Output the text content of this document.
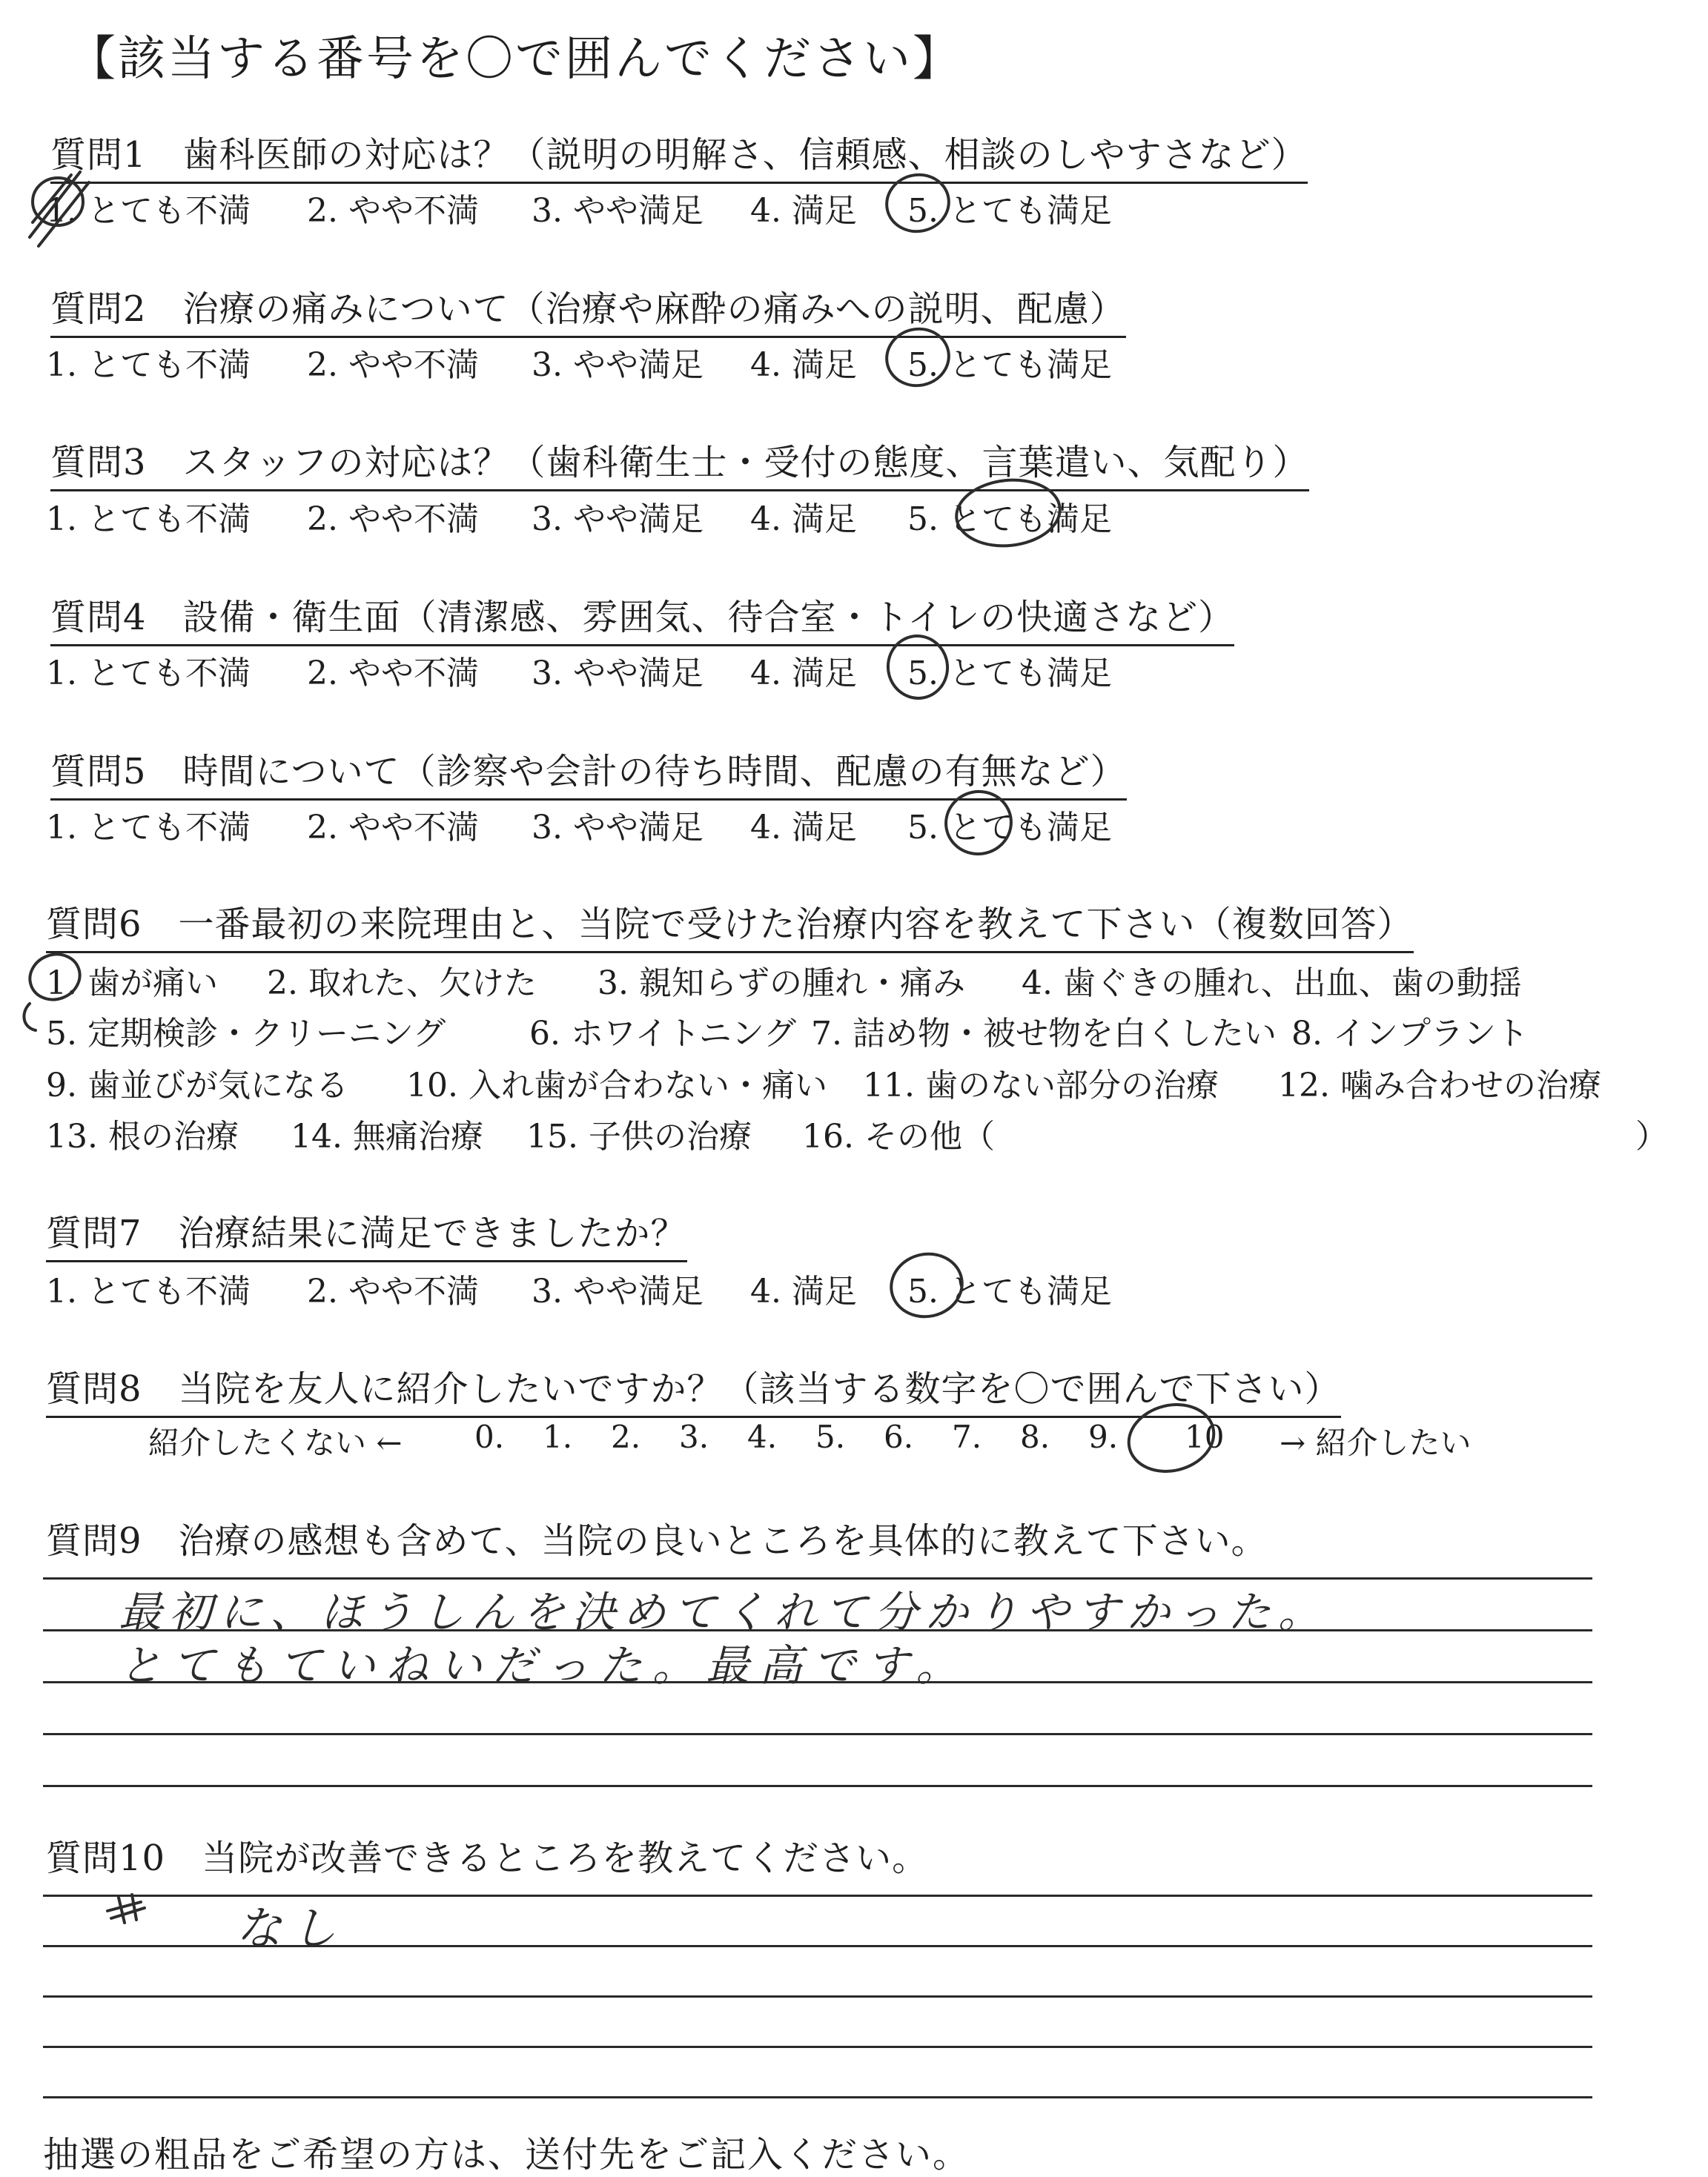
【該当する番号を〇で囲んでください】
質問1　歯科医師の対応は？（説明の明解さ、信頼感、相談のしやすさなど）
1. とても不満	2. やや不満	3. やや満足	4. 満足	5. とても満足
質問2　治療の痛みについて（治療や麻酔の痛みへの説明、配慮）
1. とても不満	2. やや不満	3. やや満足	4. 満足	5. とても満足
質問3　スタッフの対応は？（歯科衛生士・受付の態度、言葉遣い、気配り）
1. とても不満	2. やや不満	3. やや満足	4. 満足	5. とても満足
質問4　設備・衛生面（清潔感、雰囲気、待合室・トイレの快適さなど）
1. とても不満	2. やや不満	3. やや満足	4. 満足	5. とても満足
質問5　時間について（診察や会計の待ち時間、配慮の有無など）
1. とても不満	2. やや不満	3. やや満足	4. 満足	5. とても満足
質問6　一番最初の来院理由と、当院で受けた治療内容を教えて下さい（複数回答）
1. 歯が痛い	2. 取れた、欠けた	3. 親知らずの腫れ・痛み	4. 歯ぐきの腫れ、出血、歯の動揺
5. 定期検診・クリーニング	6. ホワイトニング 7. 詰め物・被せ物を白くしたい 8. インプラント
9. 歯並びが気になる	10. 入れ歯が合わない・痛い	11. 歯のない部分の治療	12. 噛み合わせの治療
13. 根の治療	14. 無痛治療	15. 子供の治療	16. その他（	）
質問7　治療結果に満足できましたか？
1. とても不満	2. やや不満	3. やや満足	4. 満足	5. とても満足
質問8　当院を友人に紹介したいですか？（該当する数字を〇で囲んで下さい）
紹介したくない ←	0.	1.	2.	3.	4.	5.	6.	7.	8.	9.	10	→ 紹介したい
質問9　治療の感想も含めて、当院の良いところを具体的に教えて下さい。
最初に、ほうしんを決めてくれて分かりやすかった。
とてもていねいだった。最高です。
質問10　当院が改善できるところを教えてください。
なし
抽選の粗品をご希望の方は、送付先をご記入ください。
